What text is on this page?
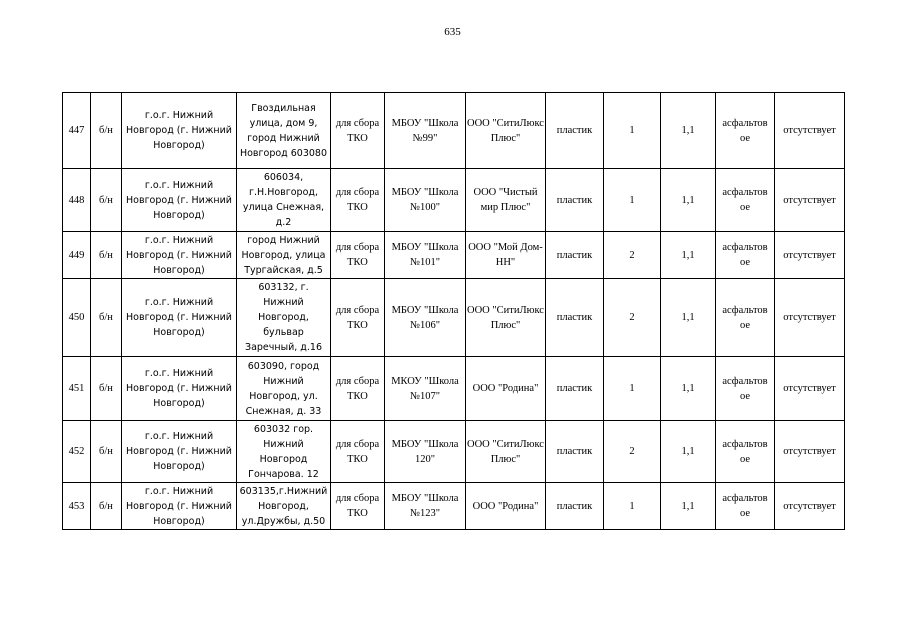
635
447	б/н	г.о.г. Нижний Новгород (г. Нижний Новгород)	Гвоздильная улица, дом 9, город Нижний Новгород 603080	для сбора ТКО	МБОУ "Школа №99"	ООО "СитиЛюкс Плюс"	пластик	1	1,1	асфальтов ое	отсутствует
448	б/н	г.о.г. Нижний Новгород (г. Нижний Новгород)	606034, г.Н.Новгород, улица Снежная, д.2	для сбора ТКО	МБОУ "Школа №100"	ООО "Чистый мир Плюс"	пластик	1	1,1	асфальтов ое	отсутствует
449	б/н	г.о.г. Нижний Новгород (г. Нижний Новгород)	город Нижний Новгород, улица Тургайская, д.5	для сбора ТКО	МБОУ "Школа №101"	ООО "Мой Дом-НН"	пластик	2	1,1	асфальтов ое	отсутствует
450	б/н	г.о.г. Нижний Новгород (г. Нижний Новгород)	603132, г. Нижний Новгород, бульвар Заречный, д.16	для сбора ТКО	МБОУ "Школа №106"	ООО "СитиЛюкс Плюс"	пластик	2	1,1	асфальтов ое	отсутствует
451	б/н	г.о.г. Нижний Новгород (г. Нижний Новгород)	603090, город Нижний Новгород, ул. Снежная, д. 33	для сбора ТКО	МКОУ "Школа №107"	ООО "Родина"	пластик	1	1,1	асфальтов ое	отсутствует
452	б/н	г.о.г. Нижний Новгород (г. Нижний Новгород)	603032 гор. Нижний Новгород Гончарова. 12	для сбора ТКО	МБОУ "Школа 120"	ООО "СитиЛюкс Плюс"	пластик	2	1,1	асфальтов ое	отсутствует
453	б/н	г.о.г. Нижний Новгород (г. Нижний Новгород)	603135,г.Нижний Новгород, ул.Дружбы, д.50	для сбора ТКО	МБОУ "Школа №123"	ООО "Родина"	пластик	1	1,1	асфальтов ое	отсутствует
